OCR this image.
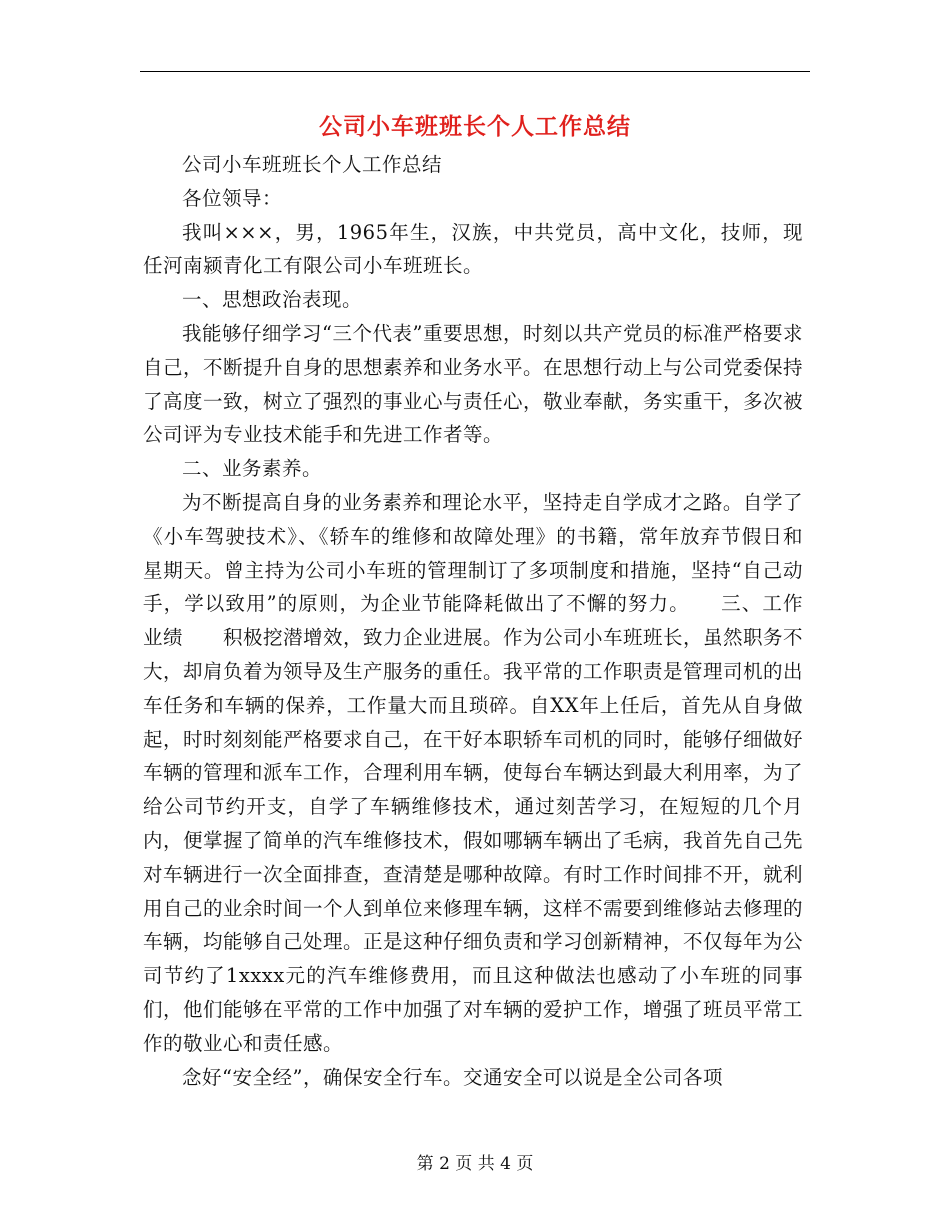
公司小车班班长个人工作总结

公司小车班班长个人工作总结

各位领导：

我叫×××，男，1965年生，汉族，中共党员，高中文化，技师，现任河南颍青化工有限公司小车班班长。

一、思想政治表现。

我能够仔细学习“三个代表”重要思想，时刻以共产党员的标准严格要求自己，不断提升自身的思想素养和业务水平。在思想行动上与公司党委保持了高度一致，树立了强烈的事业心与责任心，敬业奉献，务实重干，多次被公司评为专业技术能手和先进工作者等。

二、业务素养。

为不断提高自身的业务素养和理论水平，坚持走自学成才之路。自学了《小车驾驶技术》、《轿车的维修和故障处理》的书籍，常年放弃节假日和星期天。曾主持为公司小车班的管理制订了多项制度和措施，坚持“自己动手，学以致用”的原则，为企业节能降耗做出了不懈的努力。　　三、工作业绩　　积极挖潜增效，致力企业进展。作为公司小车班班长，虽然职务不大，却肩负着为领导及生产服务的重任。我平常的工作职责是管理司机的出车任务和车辆的保养，工作量大而且琐碎。自XX年上任后，首先从自身做起，时时刻刻能严格要求自己，在干好本职轿车司机的同时，能够仔细做好车辆的管理和派车工作，合理利用车辆，使每台车辆达到最大利用率，为了给公司节约开支，自学了车辆维修技术，通过刻苦学习，在短短的几个月内，便掌握了简单的汽车维修技术，假如哪辆车辆出了毛病，我首先自己先对车辆进行一次全面排查，查清楚是哪种故障。有时工作时间排不开，就利用自己的业余时间一个人到单位来修理车辆，这样不需要到维修站去修理的车辆，均能够自己处理。正是这种仔细负责和学习创新精神，不仅每年为公司节约了1xxxx元的汽车维修费用，而且这种做法也感动了小车班的同事们，他们能够在平常的工作中加强了对车辆的爱护工作，增强了班员平常工作的敬业心和责任感。

念好“安全经”，确保安全行车。交通安全可以说是全公司各项

第 2 页 共 4 页
